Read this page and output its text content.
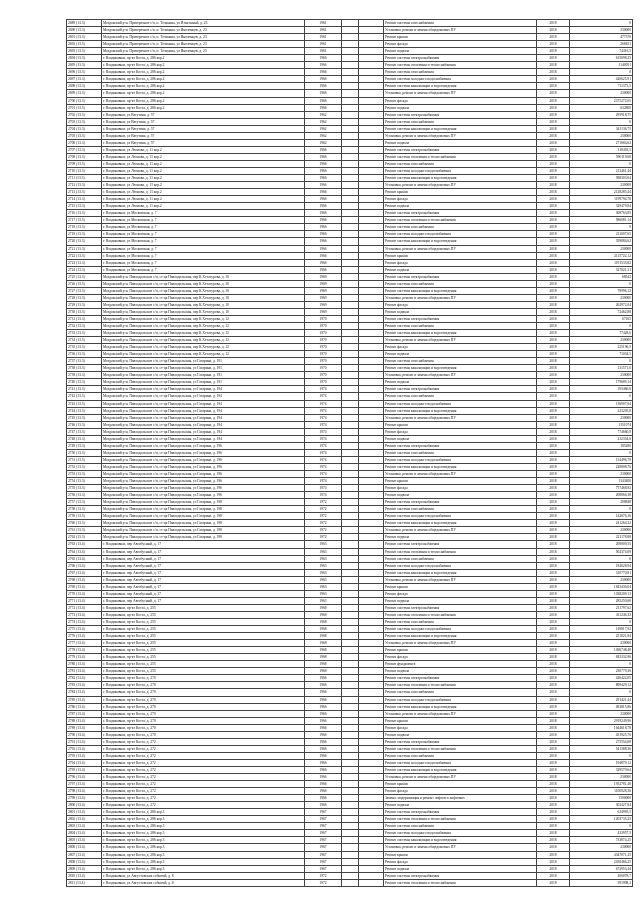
2689 (13.3)	Моздокский р-н, Притеречное с/п, п. Тельмана, ул Итыгльный, д. 23	1961			Ремонт системы газоснабжения	2018	0
2690 (13.3)	Моздокский р-н, Притеречное с/п, п. Тельмана, ул Иноземцев, д. 23	1961			Установка, ремонт и замена общедомовых ПУ	2018	230000
2691 (13.3)	Моздокский р-н, Притеречное с/п, п. Тельмана, ул Иноземцев, д. 23	1961			Ремонт крыши	2018	477570
2692 (13.3)	Моздокский р-н, Притеречное с/п, п. Тельмана, ул Иноземцев, д. 23	1961			Ремонт фасада	2018	268451
2693 (13.3)	Моздокский р-н, Притеречное с/п, п. Тельмана, ул Иноземцев, д. 23	1961			Ремонт подвала	2018	74416,5
2694 (13.3)	г. Владикавказ, пр-кт Коста, д. 286 кор.2	1966			Ремонт системы электроснабжения	2018	615098,25
2695 (13.3)	г. Владикавказ, пр-кт Коста, д. 286 кор.2	1966			Ремонт системы отопления и теплоснабжения	2018	1140051
2696 (13.3)	г. Владикавказ, пр-кт Коста, д. 286 кор.2	1966			Ремонт системы газоснабжения	2018	0
2697 (13.3)	г. Владикавказ, пр-кт Коста, д. 286 кор.2	1966			Ремонт системы холодного водоснабжения	2018	426625,91
2698 (13.3)	г. Владикавказ, пр-кт Коста, д. 286 кор.2	1966			Ремонт системы канализации и водоотведения	2018	711373,5
2699 (13.3)	г. Владикавказ, пр-кт Коста, д. 286 кор.2	1966			Установка, ремонт и замена общедомовых ПУ	2018	230000
2700 (13.3)	г. Владикавказ, пр-кт Коста, д. 286 кор.2	1966			Ремонт фасада	2018	2375272,05
2701 (13.3)	г. Владикавказ, пр-кт Коста, д. 286 кор.2	1966			Ремонт подвала	2018	632800
2702 (13.3)	г. Владикавказ, ул Ватутина, д. 57	1962			Ремонт системы электроснабжения	2018	295918,75
2703 (13.3)	г. Владикавказ, ул Ватутина, д. 57	1962			Ремонт системы газоснабжения	2018	0
2704 (13.3)	г. Владикавказ, ул Ватутина, д. 57	1962			Ремонт системы канализации и водоотведения	2018	341136,75
2705 (13.3)	г. Владикавказ, ул Ватутина, д. 57	1962			Установка, ремонт и замена общедомовых ПУ	2018	230000
2706 (13.3)	г. Владикавказ, ул Ватутина, д. 57	1962			Ремонт подвала	2018	271684,62
2707 (13.3)	г. Владикавказ, ул Леонова, д. 11 кор.2	1966			Ремонт системы электроснабжения	2018	318403,5
2708 (13.3)	г. Владикавказ, ул Леонова, д. 11 кор.2	1966			Ремонт системы отопления и теплоснабжения	2018	590119,68
2709 (13.3)	г. Владикавказ, ул Леонова, д. 11 кор.2	1966			Ремонт системы газоснабжения	2018	0
2710 (13.3)	г. Владикавказ, ул Леонова, д. 11 кор.2	1966			Ремонт системы холодного водоснабжения	2018	212461,44
2711 (13.3)	г. Владикавказ, ул Леонова, д. 11 кор.2	1966			Ремонт системы канализации и водоотведения	2018	398303,04
2712 (13.3)	г. Владикавказ, ул Леонова, д. 11 кор.2	1966			Установка, ремонт и замена общедомовых ПУ	2018	230000
2713 (13.3)	г. Владикавказ, ул Леонова, д. 11 кор.2	1966			Ремонт крыши	2018	2128285,44
2714 (13.3)	г. Владикавказ, ул Леонова, д. 11 кор.2	1966			Ремонт фасада	2018	1199794,76
2715 (13.3)	г. Владикавказ, ул Леонова, д. 11 кор.2	1966			Ремонт подвала	2018	329479,84
2716 (13.3)	г. Владикавказ, ул Московская, д. 7	1966			Ремонт системы электроснабжения	2018	308763,85
2717 (13.3)	г. Владикавказ, ул Московская, д. 7	1966			Ремонт системы отопления и теплоснабжения	2018	586081,14
2718 (13.3)	г. Владикавказ, ул Московская, д. 7	1966			Ремонт системы газоснабжения	2018	0
2719 (13.3)	г. Владикавказ, ул Московская, д. 7	1966			Ремонт системы холодного водоснабжения	2018	211007,65
2720 (13.3)	г. Владикавказ, ул Московская, д. 7	1966			Ремонт системы канализации и водоотведения	2018	359884,62
2721 (13.3)	г. Владикавказ, ул Московская, д. 7	1966			Установка, ремонт и замена общедомовых ПУ	2018	230000
2722 (13.3)	г. Владикавказ, ул Московская, д. 7	1966			Ремонт крыши	2018	2115722,12
2723 (13.3)	г. Владикавказ, ул Московская, д. 7	1966			Ремонт фасада	2018	1191533,82
2724 (13.3)	г. Владикавказ, ул Московская, д. 7	1966			Ремонт подвала	2018	327021,31
2725 (13.3)	Моздокский р-н, Павлодольское с/п, ст-ца Павлодольская, пер К.Хетагурова, д. 10	1969			Ремонт системы электроснабжения	2018	68542
2726 (13.3)	Моздокский р-н, Павлодольское с/п, ст-ца Павлодольская, пер К.Хетагурова, д. 10	1969			Ремонт системы газоснабжения	2018	0
2727 (13.3)	Моздокский р-н, Павлодольское с/п, ст-ца Павлодольская, пер К.Хетагурова, д. 10	1969			Ремонт системы канализации и водоотведения	2018	78996,12
2728 (13.3)	Моздокский р-н, Павлодольское с/п, ст-ца Павлодольская, пер К.Хетагурова, д. 10	1969			Установка, ремонт и замена общедомовых ПУ	2018	230000
2729 (13.3)	Моздокский р-н, Павлодольское с/п, ст-ца Павлодольская, пер К.Хетагурова, д. 10	1969			Ремонт фасада	2018	262972,04
2730 (13.3)	Моздокский р-н, Павлодольское с/п, ст-ца Павлодольская, пер К.Хетагурова, д. 10	1969			Ремонт подвала	2018	72462,88
2731 (13.3)	Моздокский р-н, Павлодольское с/п, ст-ца Павлодольская, пер К.Хетагурова, д. 12	1970			Ремонт системы электроснабжения	2018	67165
2732 (13.3)	Моздокский р-н, Павлодольское с/п, ст-ца Павлодольская, пер К.Хетагурова, д. 12	1970			Ремонт системы газоснабжения	2018	0
2733 (13.3)	Моздокский р-н, Павлодольское с/п, ст-ца Павлодольская, пер К.Хетагурова, д. 12	1970			Ремонт системы канализации и водоотведения	2018	77428,6
2734 (13.3)	Моздокский р-н, Павлодольское с/п, ст-ца Павлодольская, пер К.Хетагурова, д. 12	1970			Установка, ремонт и замена общедомовых ПУ	2018	230000
2735 (13.3)	Моздокский р-н, Павлодольское с/п, ст-ца Павлодольская, пер К.Хетагурова, д. 12	1970			Ремонт фасада	2018	225196,5
2736 (13.3)	Моздокский р-н, Павлодольское с/п, ст-ца Павлодольская, пер К.Хетагурова, д. 12	1970			Ремонт подвала	2018	71034,5
2737 (13.3)	Моздокский р-н, Павлодольское с/п, ст-ца Павлодольская, ул Гагарина, д. 191	1970			Ремонт системы газоснабжения	2018	0
2738 (13.3)	Моздокский р-н, Павлодольское с/п, ст-ца Павлодольская, ул Гагарина, д. 191	1970			Ремонт системы канализации и водоотведения	2018	131571,6
2739 (13.3)	Моздокский р-н, Павлодольское с/п, ст-ца Павлодольская, ул Гагарина, д. 191	1970			Установка, ремонт и замена общедомовых ПУ	2018	230000
2740 (13.3)	Моздокский р-н, Павлодольское с/п, ст-ца Павлодольская, ул Гагарина, д. 191	1970			Ремонт подвала	2018	179689,14
2741 (13.3)	Моздокский р-н, Павлодольское с/п, ст-ца Павлодольская, ул Гагарина, д. 194	1974			Ремонт системы электроснабжения	2018	193466,8
2742 (13.3)	Моздокский р-н, Павлодольское с/п, ст-ца Павлодольская, ул Гагарина, д. 194	1974			Ремонт системы газоснабжения	2018	0
2743 (13.3)	Моздокский р-н, Павлодольское с/п, ст-ца Павлодольская, ул Гагарина, д. 194	1974			Ремонт системы холодного водоснабжения	2018	136907,04
2744 (13.3)	Моздокский р-н, Павлодольское с/п, ст-ца Павлодольская, ул Гагарина, д. 194	1974			Ремонт системы канализации и водоотведения	2018	223205,8
2745 (13.3)	Моздокский р-н, Павлодольское с/п, ст-ца Павлодольская, ул Гагарина, д. 194	1974			Установка, ремонт и замена общедомовых ПУ	2018	230000
2746 (13.3)	Моздокский р-н, Павлодольское с/п, ст-ца Павлодольская, ул Гагарина, д. 194	1974			Ремонт крыши	2018	1351074
2747 (13.3)	Моздокский р-н, Павлодольское с/п, ст-ца Павлодольская, ул Гагарина, д. 194	1974			Ремонт фасада	2018	774660,8
2748 (13.3)	Моздокский р-н, Павлодольское с/п, ст-ца Павлодольская, ул Гагарина, д. 194	1974			Ремонт подвала	2018	212354,6
2749 (13.3)	Моздокский р-н, Павлодольское с/п, ст-ца Павлодольская, ул Гагарина, д. 196	1974			Ремонт системы электроснабжения	2018	185280
2750 (13.3)	Моздокский р-н, Павлодольское с/п, ст-ца Павлодольская, ул Гагарина, д. 196	1974			Ремонт системы газоснабжения	2018	0
2751 (13.3)	Моздокский р-н, Павлодольское с/п, ст-ца Павлодольская, ул Гагарина, д. 196	1974			Ремонт системы холодного водоснабжения	2018	134496,78
2752 (13.3)	Моздокский р-н, Павлодольское с/п, ст-ца Павлодольская, ул Гагарина, д. 196	1974			Ремонт системы канализации и водоотведения	2018	220808,76
2753 (13.3)	Моздокский р-н, Павлодольское с/п, ст-ца Павлодольская, ул Гагарина, д. 196	1974			Установка, ремонт и замена общедомовых ПУ	2018	230000
2754 (13.3)	Моздокский р-н, Павлодольское с/п, ст-ца Павлодольская, ул Гагарина, д. 196	1974			Ремонт крыши	2018	1343400
2755 (13.3)	Моздокский р-н, Павлодольское с/п, ст-ца Павлодольская, ул Гагарина, д. 196	1974			Ремонт фасада	2018	757468,92
2756 (13.3)	Моздокский р-н, Павлодольское с/п, ст-ца Павлодольская, ул Гагарина, д. 196	1974			Ремонт подвала	2018	208066,38
2757 (13.3)	Моздокский р-н, Павлодольское с/п, ст-ца Павлодольская, ул Гагарина, д. 198	1972			Ремонт системы электроснабжения	2018	208848
2758 (13.3)	Моздокский р-н, Павлодольское с/п, ст-ца Павлодольская, ул Гагарина, д. 198	1972			Ремонт системы газоснабжения	2018	0
2759 (13.3)	Моздокский р-н, Павлодольское с/п, ст-ца Павлодольская, ул Гагарина, д. 198	1972			Ремонт системы холодного водоснабжения	2018	142676,16
2760 (13.3)	Моздокский р-н, Павлодольское с/п, ст-ца Павлодольская, ул Гагарина, д. 198	1972			Ремонт системы канализации и водоотведения	2018	241264,32
2761 (13.3)	Моздокский р-н, Павлодольское с/п, ст-ца Павлодольская, ул Гагарина, д. 198	1972			Установка, ремонт и замена общедомовых ПУ	2018	230000
2762 (13.3)	Моздокский р-н, Павлодольское с/п, ст-ца Павлодольская, ул Гагарина, д. 198	1972			Ремонт подвала	2018	221178,88
2763 (13.4)	г. Владикавказ, пер Автобусный, д. 17	1963			Ремонт системы электроснабжения	2018	269009,55
2764 (13.4)	г. Владикавказ, пер Автобусный, д. 17	1963			Ремонт системы отопления и теплоснабжения	2018	502374,09
2765 (13.4)	г. Владикавказ, пер Автобусный, д. 17	1963			Ремонт системы газоснабжения	2018	0
2766 (13.4)	г. Владикавказ, пер Автобусный, д. 17	1963			Ремонт системы холодного водоснабжения	2018	184028,94
2767 (13.4)	г. Владикавказ, пер Автобусный, д. 17	1963			Ремонт системы канализации и водоотведения	2018	310770,81
2768 (13.4)	г. Владикавказ, пер Автобусный, д. 17	1963			Установка, ремонт и замена общедомовых ПУ	2018	230000
2769 (13.4)	г. Владикавказ, пер Автобусный, д. 17	1963			Ремонт крыши	2018	1843436,04
2770 (13.4)	г. Владикавказ, пер Автобусный, д. 17	1963			Ремонт фасада	2018	1038209,13
2771 (13.4)	г. Владикавказ, пер Автобусный, д. 17	1963			Ремонт подвала	2018	285250,68
2772 (13.4)	г. Владикавказ, пр-кт Коста, д. 255	1968			Ремонт системы электроснабжения	2018	211797,62
2773 (13.4)	г. Владикавказ, пр-кт Коста, д. 255	1968			Ремонт системы отопления и теплоснабжения	2018	411246,32
2774 (13.4)	г. Владикавказ, пр-кт Коста, д. 255	1968			Ремонт системы газоснабжения	2018	0
2775 (13.4)	г. Владикавказ, пр-кт Коста, д. 255	1968			Ремонт системы холодного водоснабжения	2018	149817,92
2776 (13.4)	г. Владикавказ, пр-кт Коста, д. 255	1968			Ремонт системы канализации и водоотведения	2018	251021,84
2777 (13.4)	г. Владикавказ, пр-кт Коста, д. 255	1968			Установка, ремонт и замена общедомовых ПУ	2018	230000
2778 (13.4)	г. Владикавказ, пр-кт Коста, д. 255	1968			Ремонт крыши	2018	1496748,48
2779 (13.4)	г. Владикавказ, пр-кт Коста, д. 255	1968			Ремонт фасада	2018	843332,96
2780 (13.4)	г. Владикавказ, пр-кт Коста, д. 255	1968			Ремонт фундамента	2018	0
2781 (13.4)	г. Владикавказ, пр-кт Коста, д. 255	1968			Ремонт подвала	2018	230779,36
2782 (13.4)	г. Владикавказ, пр-кт Коста, д. 270	1966			Ремонт системы электроснабжения	2018	426422,05
2783 (13.4)	г. Владикавказ, пр-кт Коста, д. 270	1966			Ремонт системы отопления и теплоснабжения	2018	809429,12
2784 (13.4)	г. Владикавказ, пр-кт Коста, д. 270	1966			Ремонт системы газоснабжения	2018	0
2785 (13.4)	г. Владикавказ, пр-кт Коста, д. 270	1966			Ремонт системы холодного водоснабжения	2018	291421,44
2786 (13.4)	г. Владикавказ, пр-кт Коста, д. 270	1966			Ремонт системы канализации и водоотведения	2018	492815,86
2787 (13.4)	г. Владикавказ, пр-кт Коста, д. 270	1966			Установка, ремонт и замена общедомовых ПУ	2018	230000
2788 (13.4)	г. Владикавказ, пр-кт Коста, д. 270	1966			Ремонт крыши	2018	2919249,96
2789 (13.4)	г. Владикавказ, пр-кт Коста, д. 270	1966			Ремонт фасада	2018	1644618,78
2790 (13.4)	г. Владикавказ, пр-кт Коста, д. 270	1966			Ремонт подвала	2018	451925,76
2791 (13.4)	г. Владикавказ, пр-кт Коста, д. 272	1966			Ремонт системы электроснабжения	2018	275554,08
2792 (13.4)	г. Владикавказ, пр-кт Коста, д. 272	1966			Ремонт системы отопления и теплоснабжения	2018	541388,36
2793 (13.4)	г. Владикавказ, пр-кт Коста, д. 272	1966			Ремонт системы газоснабжения	2018	0
2794 (13.4)	г. Владикавказ, пр-кт Коста, д. 272	1966			Ремонт системы холодного водоснабжения	2018	194879,12
2795 (13.4)	г. Владикавказ, пр-кт Коста, д. 272	1966			Ремонт системы канализации и водоотведения	2018	329579,64
2796 (13.4)	г. Владикавказ, пр-кт Коста, д. 272	1966			Установка, ремонт и замена общедомовых ПУ	2018	230000
2797 (13.4)	г. Владикавказ, пр-кт Коста, д. 272	1966			Ремонт крыши	2018	1952781,48
2798 (13.4)	г. Владикавказ, пр-кт Коста, д. 272	1966			Ремонт фасада	2018	1100028,36
2799 (13.4)	г. Владикавказ, пр-кт Коста, д. 272	1966			Замена, модернизация и ремонт лифтов и лифтовых	2018	1500000
2800 (13.4)	г. Владикавказ, пр-кт Коста, д. 272	1966			Ремонт подвала	2018	302427,84
2801 (13.4)	г. Владикавказ, пр-кт Коста, д. 286 кор.3	1967			Ремонт системы электроснабжения	2018	634993,5
2802 (13.4)	г. Владикавказ, пр-кт Коста, д. 286 кор.3	1967			Ремонт системы отопления и теплоснабжения	2018	1205735,25
2803 (13.4)	г. Владикавказ, пр-кт Коста, д. 286 кор.3	1967			Ремонт системы газоснабжения	2018	0
2804 (13.4)	г. Владикавказ, пр-кт Коста, д. 286 кор.3	1967			Ремонт системы холодного водоснабжения	2018	433957,5
2805 (13.4)	г. Владикавказ, пр-кт Коста, д. 286 кор.3	1967			Ремонт системы канализации и водоотведения	2018	733874,25
2806 (13.4)	г. Владикавказ, пр-кт Коста, д. 286 кор.3	1967			Установка, ремонт и замена общедомовых ПУ	2018	230000
2807 (13.4)	г. Владикавказ, пр-кт Коста, д. 286 кор.3	1967			Ремонт крыши	2018	4347071,25
2808 (13.4)	г. Владикавказ, пр-кт Коста, д. 286 кор.3	1967			Ремонт фасада	2018	2450466,25
2809 (13.4)	г. Владикавказ, пр-кт Коста, д. 286 кор.3	1967			Ремонт подвала	2018	672953,44
2810 (13.4)	г. Владикавказ, ул Августовских событий, д. 8	1972			Ремонт системы электроснабжения	2018	206078,7
2811 (13.4)	г. Владикавказ, ул Августовских событий, д. 8	1972			Ремонт системы отопления и теплоснабжения	2018	391998,2
